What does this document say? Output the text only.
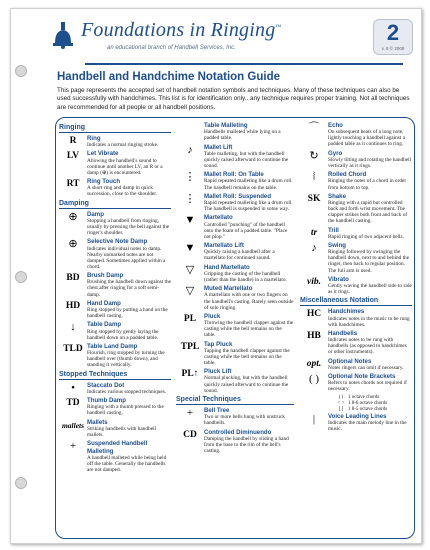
Foundations in Ringing™
an educational branch of Handbell Services, Inc.
2
v. 8 © 2008
Handbell and Handchime Notation Guide
This page represents the accepted set of handbell notation symbols and techniques. Many of these techniques can also be used successfully with handchimes. This list is for identification only.. any technique requires proper training. Not all techniques are recommended for all people or all handbell positions.
Ringing
R	Ring
Indicates a normal ringing stroke.
LV	Let Vibrate
Allowing the handbell's sound to continue until another LV, an R or a damp (⊕) is encountered.
RT	Ring Touch
A short ring and damp in quick succession, close to the shoulder.
Damping
⊕	Damp
Stopping a handbell from ringing, usually by pressing the bell against the ringer's shoulder.
⊕	Selective Note Damp
Indicates individual notes to damp. Nearby unmarked notes are not damped. Sometimes applied within a chord.
BD	Brush Damp
Brushing the handbell down against the chest after ringing for a soft semi-damp.
HD	Hand Damp
Ring stopped by putting a hand on the handbell casting.
↓	Table Damp
Ring stopped by gently laying the handbell down on a padded table.
TLD Table Land Damp
Flourish, ring stopped by turning the handbell over (thumb down), and standing it vertically.
Stopped Techniques
•	Staccato Dot
Indicates various stopped techniques.
TD	Thumb Damp
Ringing with a thumb pressed to the handbell casting.
mallets Mallets
Striking handbells with handbell mallets.
+	Suspended Handbell Malleting
A handbell malleted while being held off the table. Generally the handbells are not damped.
Table Malleting
Handbells malleted while lying on a padded table.
♪	Mallet Lift
Table malleting, but with the handbell quickly raised afterward to continue the sound.
⋮	Mallet Roll: On Table
Rapid repeated malleting like a drum roll. The handbell remains on the table.
⋮	Mallet Roll: Suspended
Rapid repeated malleting like a drum roll. The handbell is suspended in some way.
▼	Martellato
Controlled "punching" of the handbell onto the foam of a padded table. "Place not plop."
▼	Martellato Lift
Quickly raising a handbell after a martellato for continued sound.
▽	Hand Martellato
Gripping the casting of the handbell (rather than the handle) in a martellato.
▽	Muted Martellato
A martellato with one or two fingers on the handbell's casting. Rarely seen outside of solo ringing.
PL	Pluck
Throwing the handbell clapper against the casting while the bell remains on the table.
TPL Tap Pluck
Tapping the handbell clapper against the casting while the bell remains on the table.
PL↑ Pluck Lift
Normal plucking, but with the handbell quickly raised afterward to continue the sound.
Special Techniques
+	Bell Tree
Two or more bells hung with unstruck handbells.
CD	Controlled Diminuendo
Damping the handbell by sliding a hand from the base to the rim of the bell's casting.
⌒	Echo
On subsequent beats of a long note, lightly touching a handbell against a padded table as it continues to ring.
↻	Gyro
Slowly tilting and rotating the handbell vertically as it rings.
⦚	Rolled Chord
Ringing the notes of a chord in order from bottom to top.
SK	Shake
Ringing with a rapid but controlled back and forth wrist movement. The clapper strikes both front and back of the handbell casting.
tr	Trill
Rapid ringing of two adjacent bells.
♪	Swing
Ringing followed by swinging the handbell down, next to and behind the ringer, then back to regular position. The full arm is used.
vib.	Vibrato
Gently waving the handbell side to side as it rings.
Miscellaneous Notation
HC	Handchimes
Indicates notes in the music to be rung with handchimes.
HB	Handbells
Indicates notes to be rung with handbells (as opposed to handchimes or other instruments).
opt.	Optional Notes
Notes ringers can omit if necessary.
( )	Optional Note Brackets
Refers to notes chords not required if necessary.
( )1 octave chords
< >1 8-6 octave chords
[ ]1 8-5 octave chords
|	Voice Leading Lines
Indicates the main melody line in the music.
